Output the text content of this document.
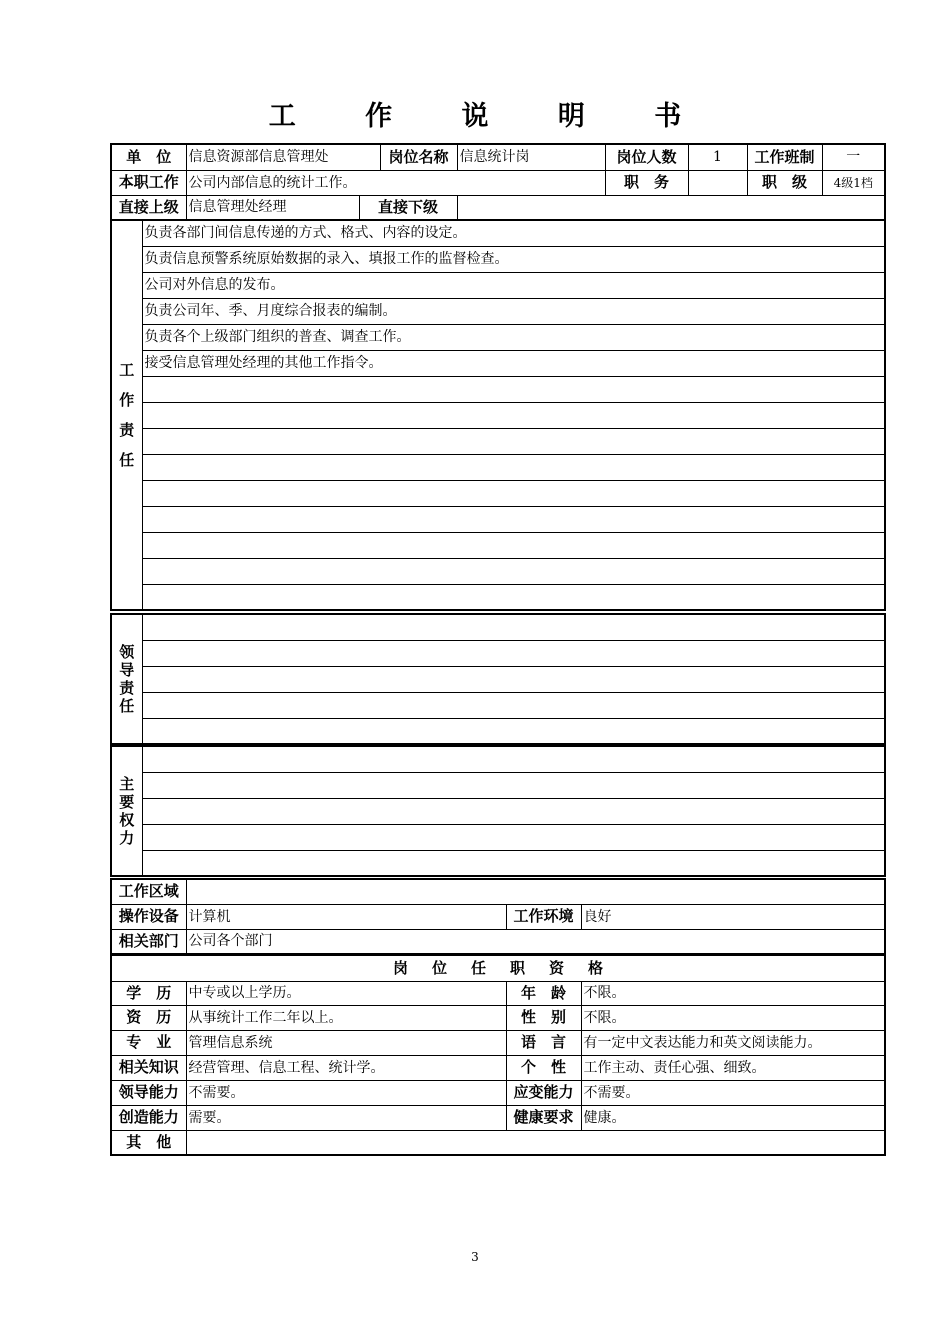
工 作 说 明 书
单　位	信息资源部信息管理处		岗位名称	信息统计岗	岗位人数	1	工作班制	一
本职工作	公司内部信息的统计工作。				职　务		职　级	4级1档
直接上级	信息管理处经理	直接下级						
工
作
责
任
	负责各部门间信息传递的方式、格式、内容的设定。
负责信息预警系统原始数据的录入、填报工作的监督检查。
公司对外信息的发布。
负责公司年、季、月度综合报表的编制。
负责各个上级部门组织的普查、调查工作。
接受信息管理处经理的其他工作指令。

领
导
责
任

主
要
权
力

工作区域			
操作设备	计算机	工作环境	良好
相关部门	公司各个部门		
岗位任职资格			
学　历	中专或以上学历。	年　龄	不限。
资　历	从事统计工作二年以上。	性　别	不限。
专　业	管理信息系统	语　言	有一定中文表达能力和英文阅读能力。
相关知识	经营管理、信息工程、统计学。	个　性	工作主动、责任心强、细致。
领导能力	不需要。	应变能力	不需要。
创造能力	需要。	健康要求	健康。
其　他			
3
